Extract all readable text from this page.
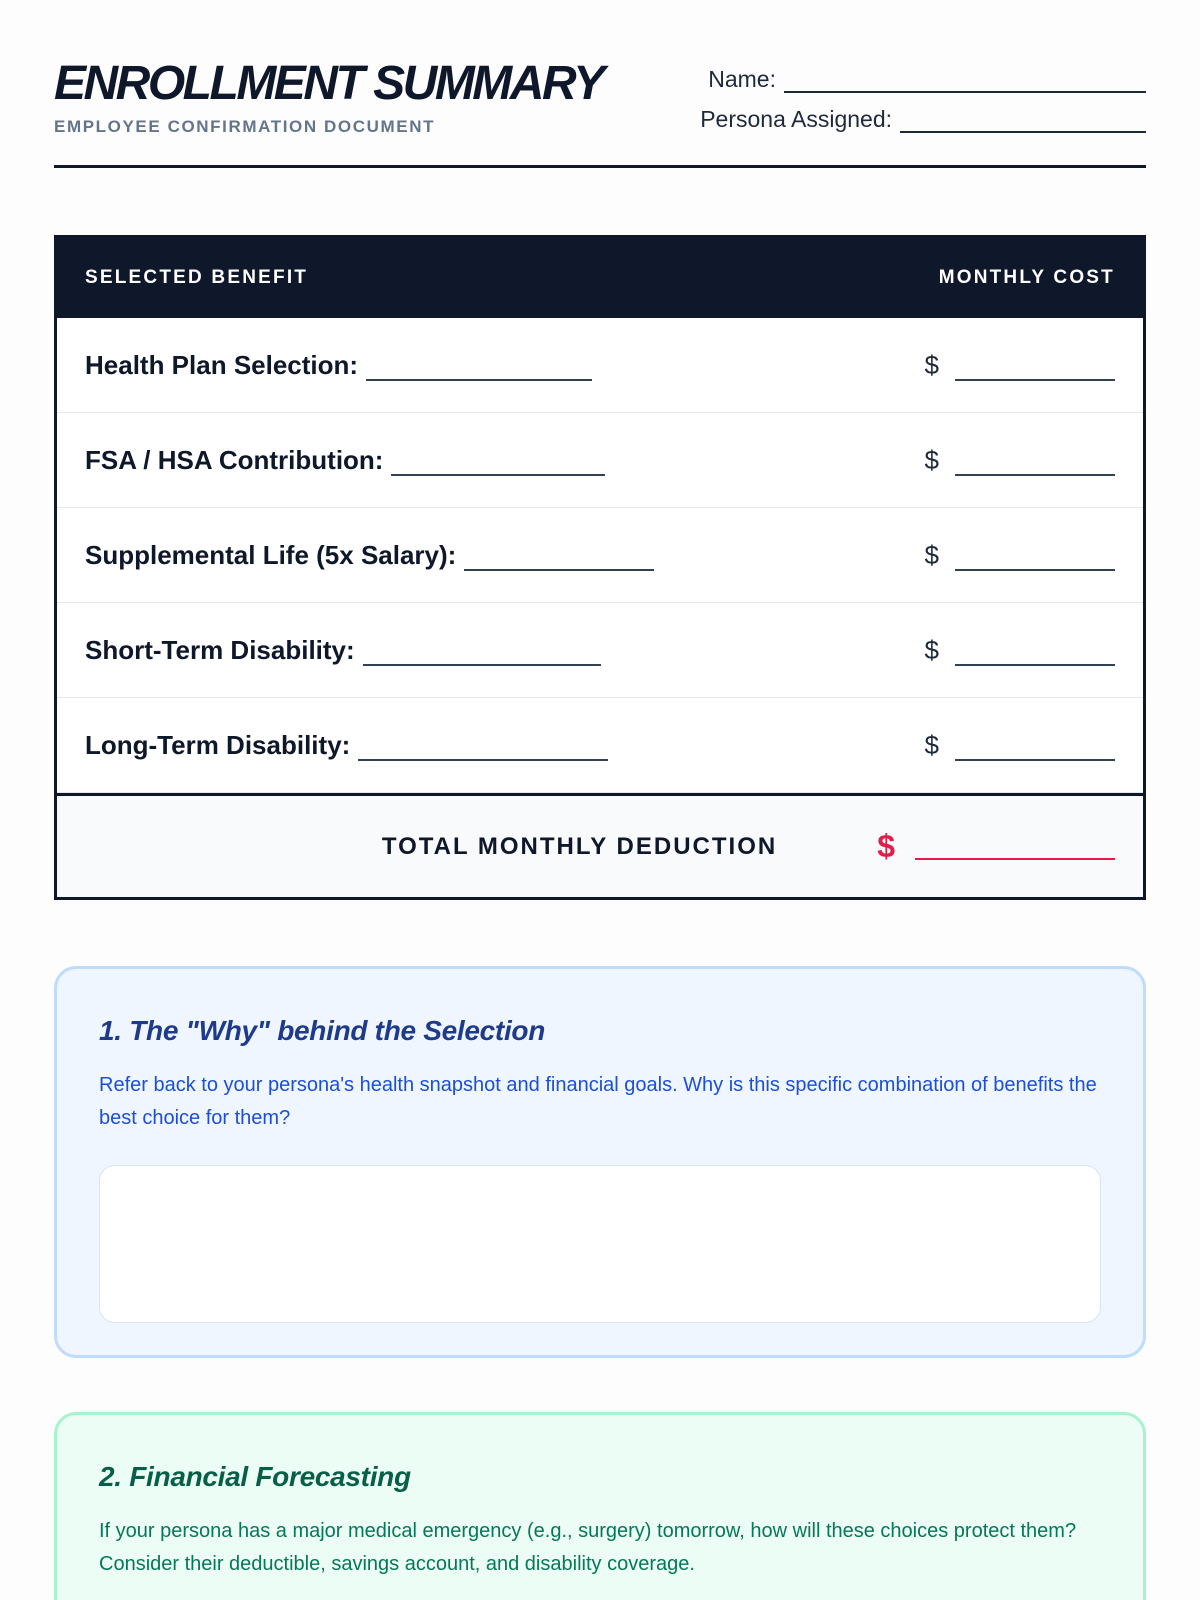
ENROLLMENT SUMMARY
EMPLOYEE CONFIRMATION DOCUMENT
Name:
Persona Assigned:
SELECTED BENEFIT	MONTHLY COST
Health Plan Selection:	$
FSA / HSA Contribution:	$
Supplemental Life (5x Salary):	$
Short-Term Disability:	$
Long-Term Disability:	$
TOTAL MONTHLY DEDUCTION	$
1. The "Why" behind the Selection
Refer back to your persona's health snapshot and financial goals. Why is this specific combination of benefits the best choice for them?
2. Financial Forecasting
If your persona has a major medical emergency (e.g., surgery) tomorrow, how will these choices protect them? Consider their deductible, savings account, and disability coverage.
